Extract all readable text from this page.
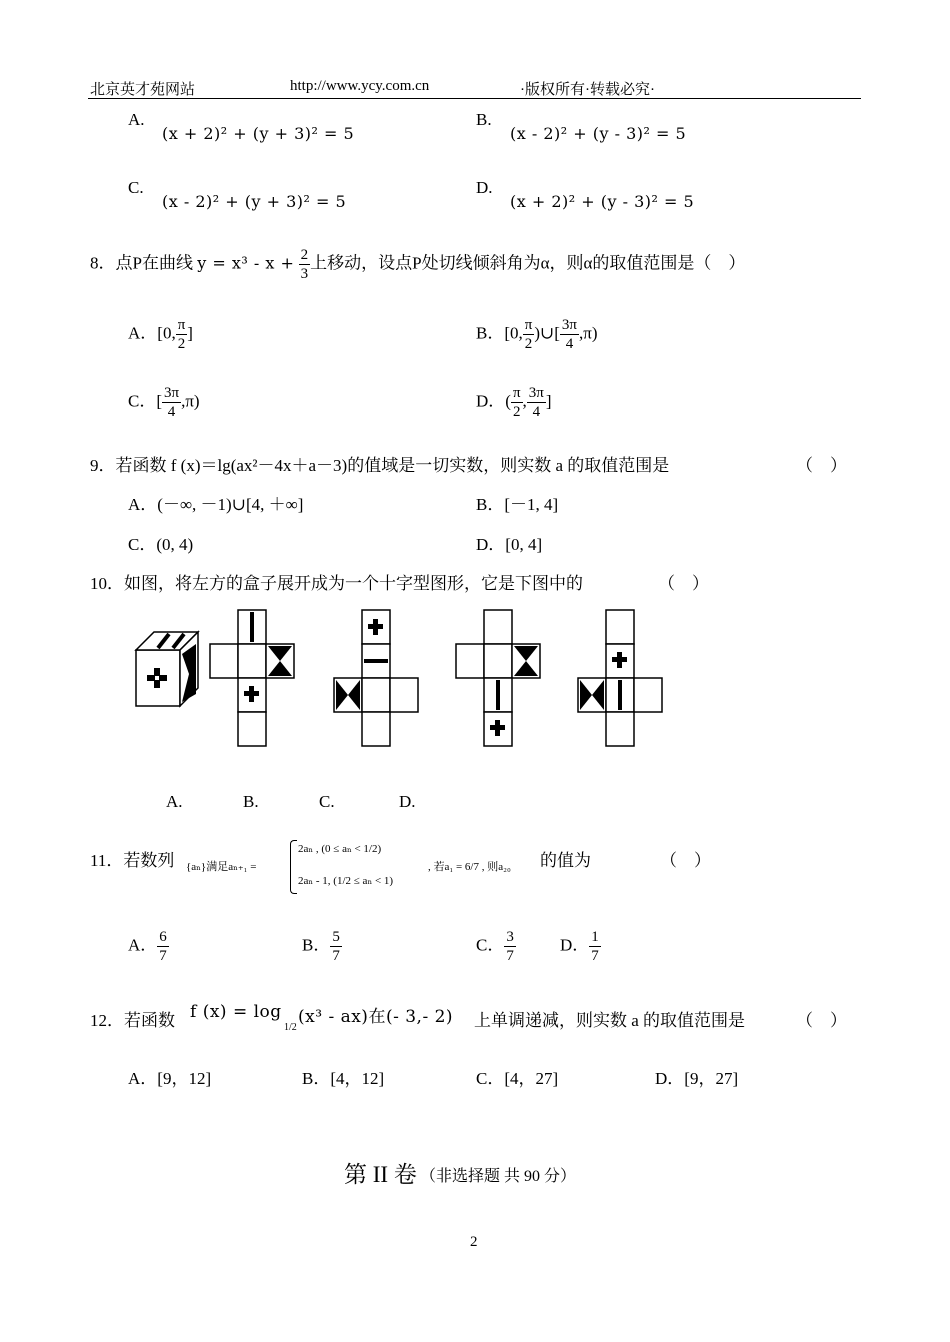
北京英才苑网站	http://www.ycy.com.cn	·版权所有·转载必究·
A.
(x + 2)² + (y + 3)² = 5
B.
(x - 2)² + (y - 3)² = 5
C.
(x - 2)² + (y + 3)² = 5
D.
(x + 2)² + (y - 3)² = 5
8．点P在曲线 $y = x^3 - x + \frac{2}{3}$ 上移动，设点P处切线倾斜角为α，则α的取值范围是（　）
A．[0, $\frac{\pi}{2}$ ]	B．[0, $\frac{\pi}{2}$ )∪[ $\frac{3\pi}{4} ,\pi$)
C．[ $\frac{3\pi}{4} ,\pi$)	D．( $\frac{\pi}{2}$ , $\frac{3\pi}{4}$ ]
9．若函数 f (x)＝lg(ax²－4x＋a－3)的值域是一切实数，则实数 a 的取值范围是	（　）
A．(－∞, －1)∪[4, ＋∞]	B．[－1, 4]
C．(0, 4)	D．[0, 4]
10．如图，将左方的盒子展开成为一个十字型图形，它是下图中的	（　）
A.	B.	C.	D.
11．若数列 {aₙ}满足aₙ₊₁ =
2aₙ , (0 ≤ aₙ < 1/2)
2aₙ - 1, (1/2 ≤ aₙ < 1)
, 若a₁ = 6/7 , 则a₂₀ 的值为	（　）
A． $\frac{6}{7}$	B． $\frac{5}{7}$	C． $\frac{3}{7}$	D． $\frac{1}{7}$
12．若函数 f (x) = log
1/2
(x³ - ax)在(- 3,- 2) 上单调递减，则实数 a 的取值范围是	（　）
A．[9，12]	B．[4，12]	C．[4，27]	D．[9，27]
第 II 卷 （非选择题 共 90 分）
2
